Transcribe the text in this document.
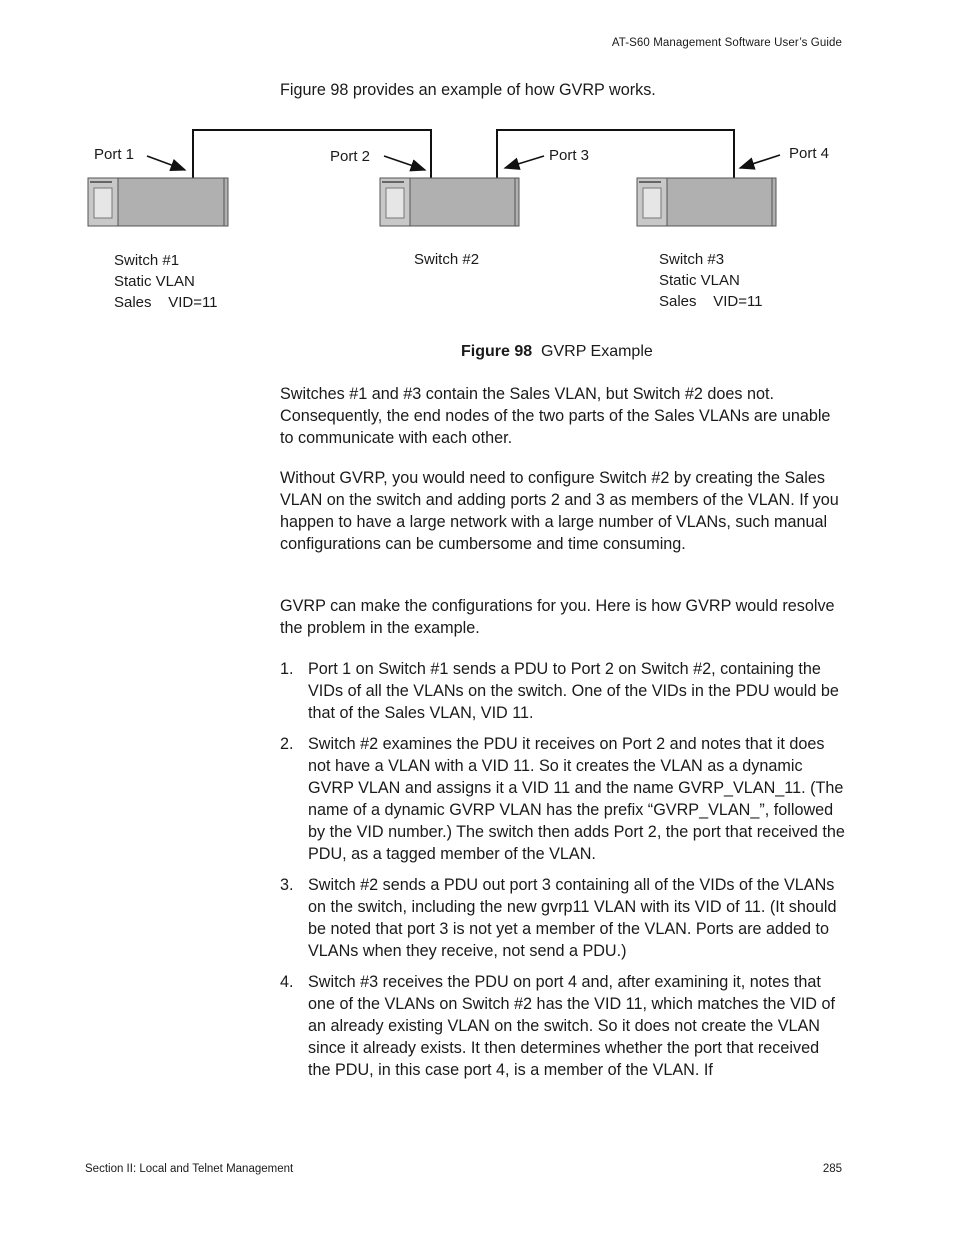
AT-S60 Management Software User’s Guide
Figure 98 provides an example of how GVRP works.
Port 1	Port 2	Port 3	Port 4
Switch #1
Static VLAN
Sales    VID=11
Switch #2	Switch #3
Static VLAN
Sales    VID=11
Figure 98 GVRP Example
Switches #1 and #3 contain the Sales VLAN, but Switch #2 does not. Consequently, the end nodes of the two parts of the Sales VLANs are unable to communicate with each other.
Without GVRP, you would need to configure Switch #2 by creating the Sales VLAN on the switch and adding ports 2 and 3 as members of the VLAN. If you happen to have a large network with a large number of VLANs, such manual configurations can be cumbersome and time consuming.
GVRP can make the configurations for you. Here is how GVRP would resolve the problem in the example.
1. Port 1 on Switch #1 sends a PDU to Port 2 on Switch #2, containing the VIDs of all the VLANs on the switch. One of the VIDs in the PDU would be that of the Sales VLAN, VID 11.
2. Switch #2 examines the PDU it receives on Port 2 and notes that it does not have a VLAN with a VID 11. So it creates the VLAN as a dynamic GVRP VLAN and assigns it a VID 11 and the name GVRP_VLAN_11. (The name of a dynamic GVRP VLAN has the prefix “GVRP_VLAN_”, followed by the VID number.) The switch then adds Port 2, the port that received the PDU, as a tagged member of the VLAN.
3. Switch #2 sends a PDU out port 3 containing all of the VIDs of the VLANs on the switch, including the new gvrp11 VLAN with its VID of 11. (It should be noted that port 3 is not yet a member of the VLAN. Ports are added to VLANs when they receive, not send a PDU.)
4. Switch #3 receives the PDU on port 4 and, after examining it, notes that one of the VLANs on Switch #2 has the VID 11, which matches the VID of an already existing VLAN on the switch. So it does not create the VLAN since it already exists. It then determines whether the port that received the PDU, in this case port 4, is a member of the VLAN. If
Section II: Local and Telnet Management	285
